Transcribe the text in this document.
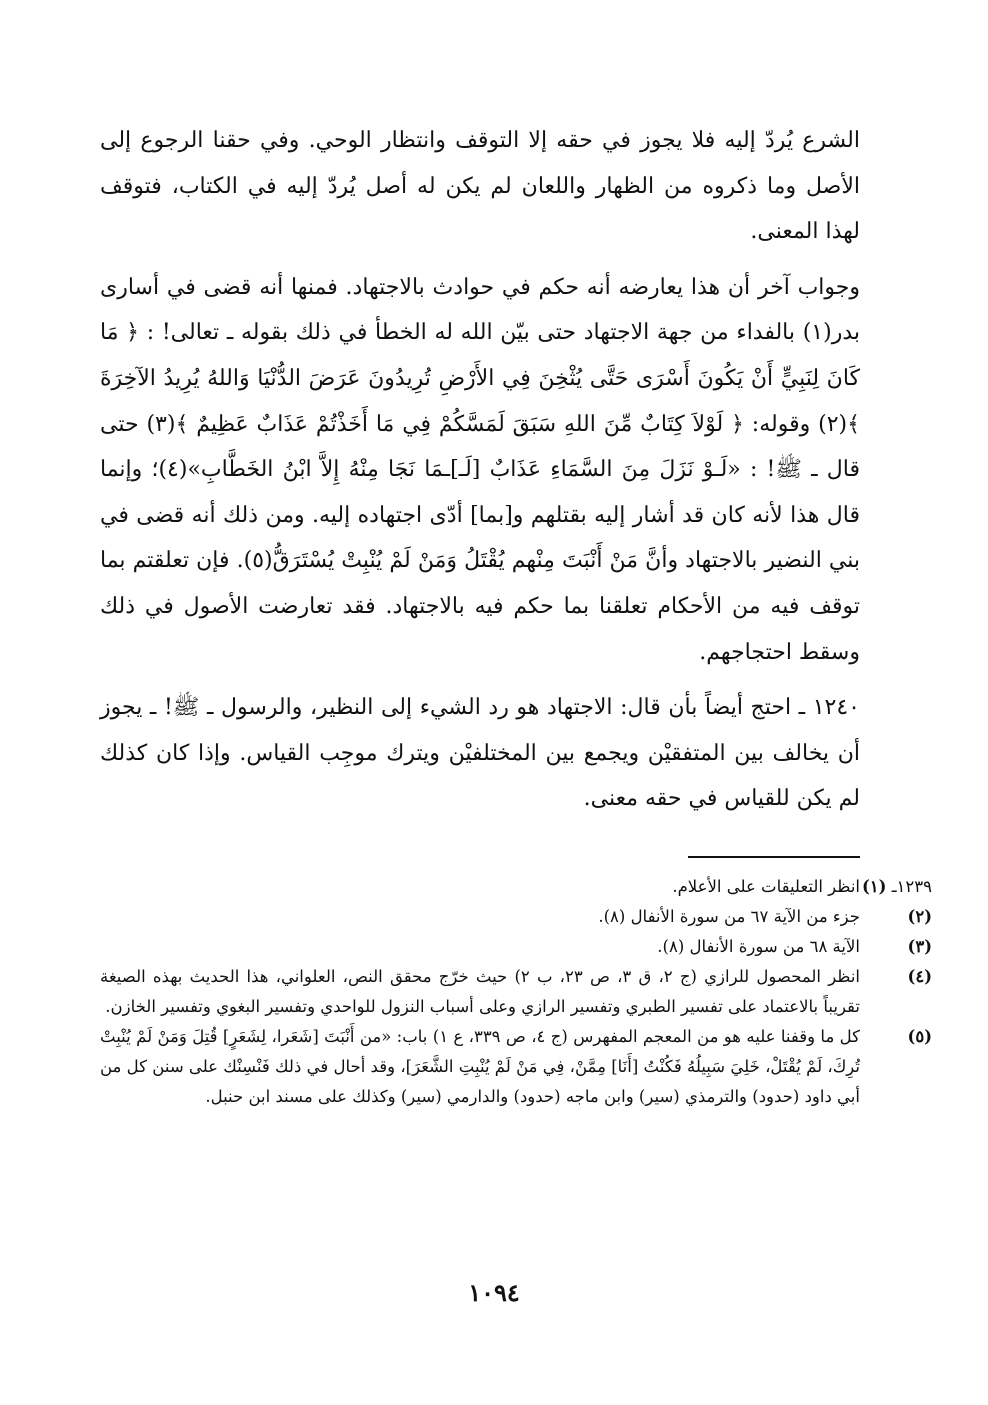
الشرع يُردّ إليه فلا يجوز في حقه إلا التوقف وانتظار الوحي. وفي حقنا الرجوع إلى الأصل وما ذكروه من الظهار واللعان لم يكن له أصل يُردّ إليه في الكتاب، فتوقف لهذا المعنى.

وجواب آخر أن هذا يعارضه أنه حكم في حوادث بالاجتهاد. فمنها أنه قضى في أسارى بدر(١) بالفداء من جهة الاجتهاد حتى بيّن الله له الخطأ في ذلك بقوله ـ تعالى! : ﴿ مَا كَانَ لِنَبِيٍّ أَنْ يَكُونَ أَسْرَى حَتَّى يُثْخِنَ فِي الأَرْضِ تُرِيدُونَ عَرَضَ الدُّنْيَا وَاللهُ يُرِيدُ الآخِرَةَ ﴾(٢) وقوله: ﴿ لَوْلاَ كِتَابٌ مِّنَ اللهِ سَبَقَ لَمَسَّكُمْ فِي مَا أَخَذْتُمْ عَذَابٌ عَظِيمٌ ﴾(٣) حتى قال ـ ﷺ! : «لَـوْ نَزَلَ مِنَ السَّمَاءِ عَذَابٌ [لَـ]ـمَا نَجَا مِنْهُ إِلاَّ ابْنُ الخَطَّابِ»(٤)؛ وإنما قال هذا لأنه كان قد أشار إليه بقتلهم و[بما] أدّى اجتهاده إليه. ومن ذلك أنه قضى في بني النضير بالاجتهاد وأنَّ مَنْ أَنْبَتَ مِنْهم يُقْتَلُ وَمَنْ لَمْ يُنْبِتْ يُسْتَرَقُّ(٥). فإن تعلقتم بما توقف فيه من الأحكام تعلقنا بما حكم فيه بالاجتهاد. فقد تعارضت الأصول في ذلك وسقط احتجاجهم.

١٢٤٠ ـ احتج أيضاً بأن قال: الاجتهاد هو رد الشيء إلى النظير، والرسول ـ ﷺ! ـ يجوز أن يخالف بين المتفقيْن ويجمع بين المختلفيْن ويترك موجِب القياس. وإذا كان كذلك لم يكن للقياس في حقه معنى.

١٢٣٩ـ (١)
انظر التعليقات على الأعلام.

(٢)
جزء من الآية ٦٧ من سورة الأنفال (٨).

(٣)
الآية ٦٨ من سورة الأنفال (٨).

(٤)
انظر المحصول للرازي (ج ٢، ق ٣، ص ٢٣، ب ٢) حيث خرّج محقق النص، العلواني، هذا الحديث بهذه الصيغة تقريباً بالاعتماد على تفسير الطبري وتفسير الرازي وعلى أسباب النزول للواحدي وتفسير البغوي وتفسير الخازن.

(٥)
كل ما وقفنا عليه هو من المعجم المفهرس (ج ٤، ص ٣٣٩، ع ١) باب: «من أَنْبَتَ [شَعَرا، لِشَعَرٍ] قُتِلَ وَمَنْ لَمْ يُنْبِتْ تُرِكَ، لَمْ يُقْتَلْ، خَلِيَ سَبِيلُهُ فَكُنْتُ [أَنَا] مِمَّنْ، فِي مَنْ لَمْ يُنْبِتِ الشَّعَرَ]، وقد أحال في ذلك فَنْسِنْك على سنن كل من أبي داود (حدود) والترمذي (سير) وابن ماجه (حدود) والدارمي (سير) وكذلك على مسند ابن حنبل.

١٠٩٤
